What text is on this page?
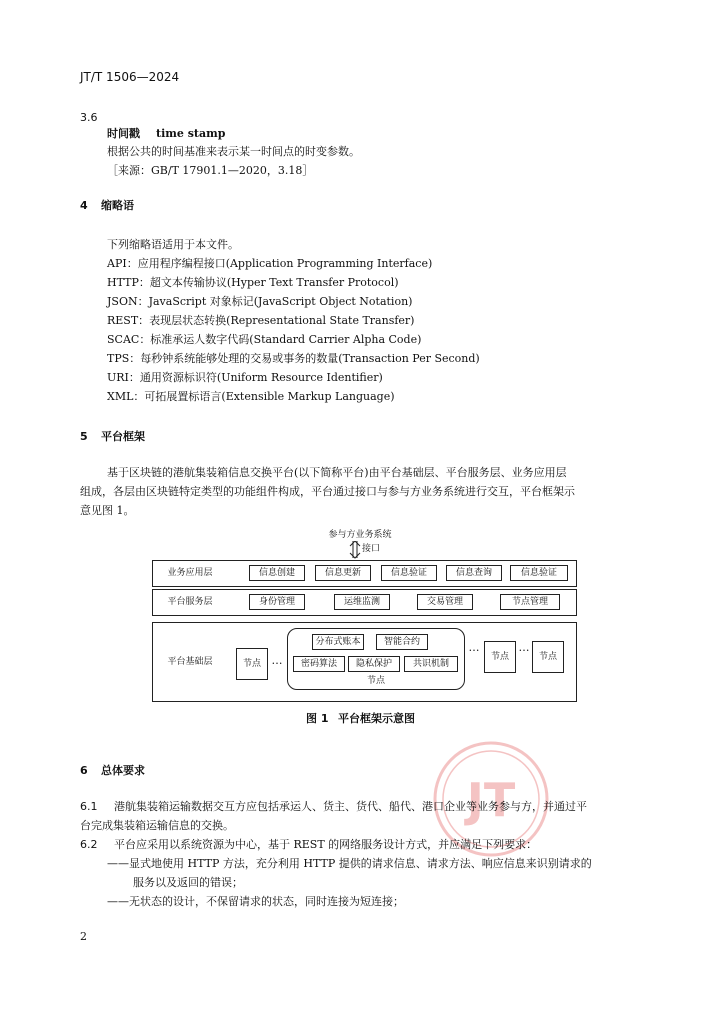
JT/T 1506—2024
3.6
时间戳 time stamp
根据公共的时间基准来表示某一时间点的时变参数。
［来源：GB/T 17901.1—2020，3.18］
4 缩略语
下列缩略语适用于本文件。
API：应用程序编程接口(Application Programming Interface)
HTTP：超文本传输协议(Hyper Text Transfer Protocol)
JSON：JavaScript 对象标记(JavaScript Object Notation)
REST：表现层状态转换(Representational State Transfer)
SCAC：标准承运人数字代码(Standard Carrier Alpha Code)
TPS：每秒钟系统能够处理的交易或事务的数量(Transaction Per Second)
URI：通用资源标识符(Uniform Resource Identifier)
XML：可拓展置标语言(Extensible Markup Language)
5 平台框架
基于区块链的港航集装箱信息交换平台(以下简称平台)由平台基础层、平台服务层、业务应用层
组成，各层由区块链特定类型的功能组件构成，平台通过接口与参与方业务系统进行交互，平台框架示
意见图 1。
参与方业务系统
接口
业务应用层	信息创建	信息更新	信息验证	信息查询	信息验证
平台服务层	身份管理	运维监测	交易管理	节点管理
平台基础层	节点 …
分布式账本	智能合约
密码算法	隐私保护	共识机制
节点
…
节点
…
节点
图 1 平台框架示意图
JT
6 总体要求
6.1 港航集装箱运输数据交互方应包括承运人、货主、货代、船代、港口企业等业务参与方，并通过平
台完成集装箱运输信息的交换。
6.2 平台应采用以系统资源为中心，基于 REST 的网络服务设计方式，并应满足下列要求：
——显式地使用 HTTP 方法，充分利用 HTTP 提供的请求信息、请求方法、响应信息来识别请求的
服务以及返回的错误；
——无状态的设计，不保留请求的状态，同时连接为短连接；
2
